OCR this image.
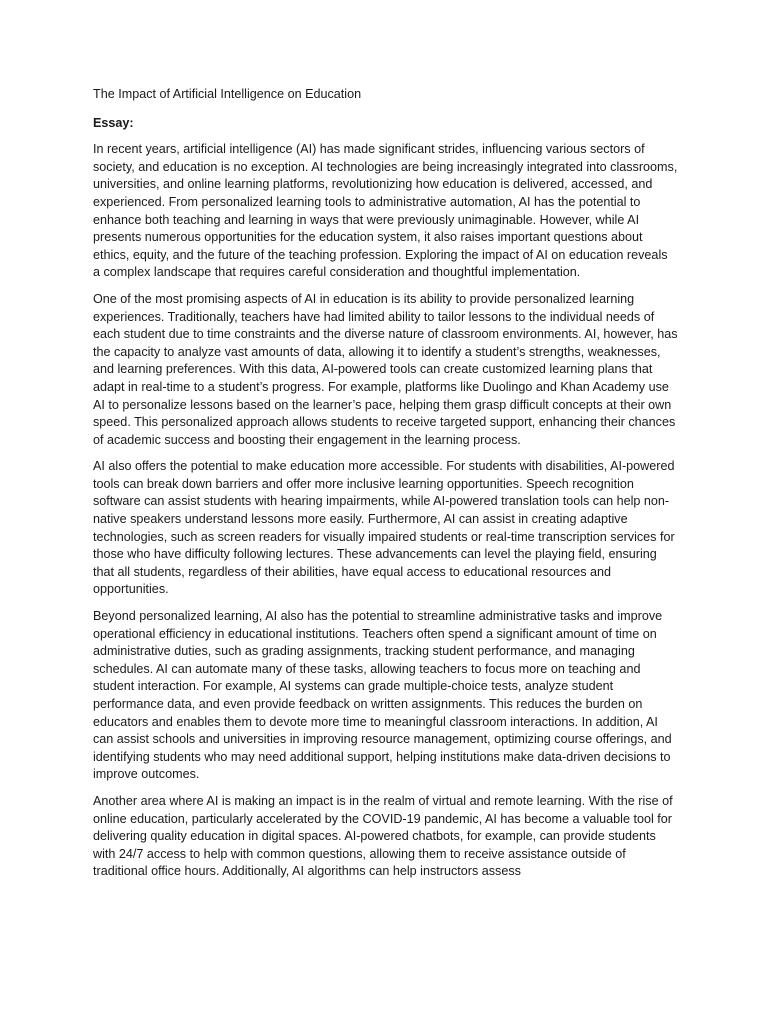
The Impact of Artificial Intelligence on Education

Essay:

In recent years, artificial intelligence (AI) has made significant strides, influencing various sectors of society, and education is no exception. AI technologies are being increasingly integrated into classrooms, universities, and online learning platforms, revolutionizing how education is delivered, accessed, and experienced. From personalized learning tools to administrative automation, AI has the potential to enhance both teaching and learning in ways that were previously unimaginable. However, while AI presents numerous opportunities for the education system, it also raises important questions about ethics, equity, and the future of the teaching profession. Exploring the impact of AI on education reveals a complex landscape that requires careful consideration and thoughtful implementation.

One of the most promising aspects of AI in education is its ability to provide personalized learning experiences. Traditionally, teachers have had limited ability to tailor lessons to the individual needs of each student due to time constraints and the diverse nature of classroom environments. AI, however, has the capacity to analyze vast amounts of data, allowing it to identify a student’s strengths, weaknesses, and learning preferences. With this data, AI-powered tools can create customized learning plans that adapt in real-time to a student’s progress. For example, platforms like Duolingo and Khan Academy use AI to personalize lessons based on the learner’s pace, helping them grasp difficult concepts at their own speed. This personalized approach allows students to receive targeted support, enhancing their chances of academic success and boosting their engagement in the learning process.

AI also offers the potential to make education more accessible. For students with disabilities, AI-powered tools can break down barriers and offer more inclusive learning opportunities. Speech recognition software can assist students with hearing impairments, while AI-powered translation tools can help non-native speakers understand lessons more easily. Furthermore, AI can assist in creating adaptive technologies, such as screen readers for visually impaired students or real-time transcription services for those who have difficulty following lectures. These advancements can level the playing field, ensuring that all students, regardless of their abilities, have equal access to educational resources and opportunities.

Beyond personalized learning, AI also has the potential to streamline administrative tasks and improve operational efficiency in educational institutions. Teachers often spend a significant amount of time on administrative duties, such as grading assignments, tracking student performance, and managing schedules. AI can automate many of these tasks, allowing teachers to focus more on teaching and student interaction. For example, AI systems can grade multiple-choice tests, analyze student performance data, and even provide feedback on written assignments. This reduces the burden on educators and enables them to devote more time to meaningful classroom interactions. In addition, AI can assist schools and universities in improving resource management, optimizing course offerings, and identifying students who may need additional support, helping institutions make data-driven decisions to improve outcomes.

Another area where AI is making an impact is in the realm of virtual and remote learning. With the rise of online education, particularly accelerated by the COVID-19 pandemic, AI has become a valuable tool for delivering quality education in digital spaces. AI-powered chatbots, for example, can provide students with 24/7 access to help with common questions, allowing them to receive assistance outside of traditional office hours. Additionally, AI algorithms can help instructors assess
